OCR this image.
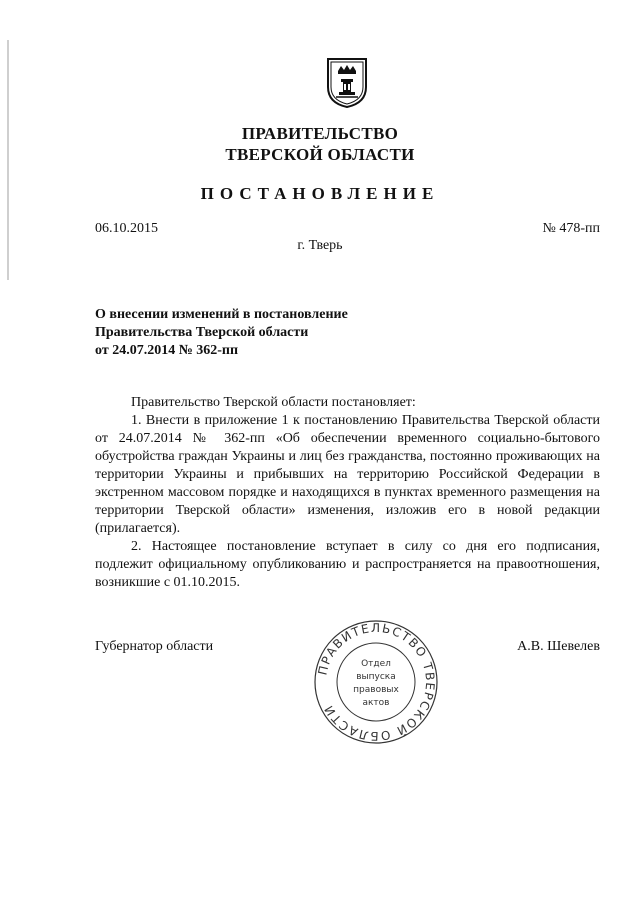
ПРАВИТЕЛЬСТВО
ТВЕРСКОЙ ОБЛАСТИ
ПОСТАНОВЛЕНИЕ
06.10.2015	№ 478-пп
г. Тверь
О внесении изменений в постановление
Правительства Тверской области
от 24.07.2014 № 362-пп

Правительство Тверской области постановляет:

1. Внести в приложение 1 к постановлению Правительства Тверской области от 24.07.2014 № 362-пп «Об обеспечении временного социально-бытового обустройства граждан Украины и лиц без гражданства, постоянно проживающих на территории Украины и прибывших на территорию Российской Федерации в экстренном массовом порядке и находящихся в пунктах временного размещения на территории Тверской области» изменения, изложив его в новой редакции (прилагается).

2. Настоящее постановление вступает в силу со дня его подписания, подлежит официальному опубликованию и распространяется на правоотношения, возникшие с 01.10.2015.

Губернатор области	А.В. Шевелев
ПРАВИТЕЛЬСТВО ТВЕРСКОЙ ОБЛАСТИ
Отдел
выпуска
правовых
актов
